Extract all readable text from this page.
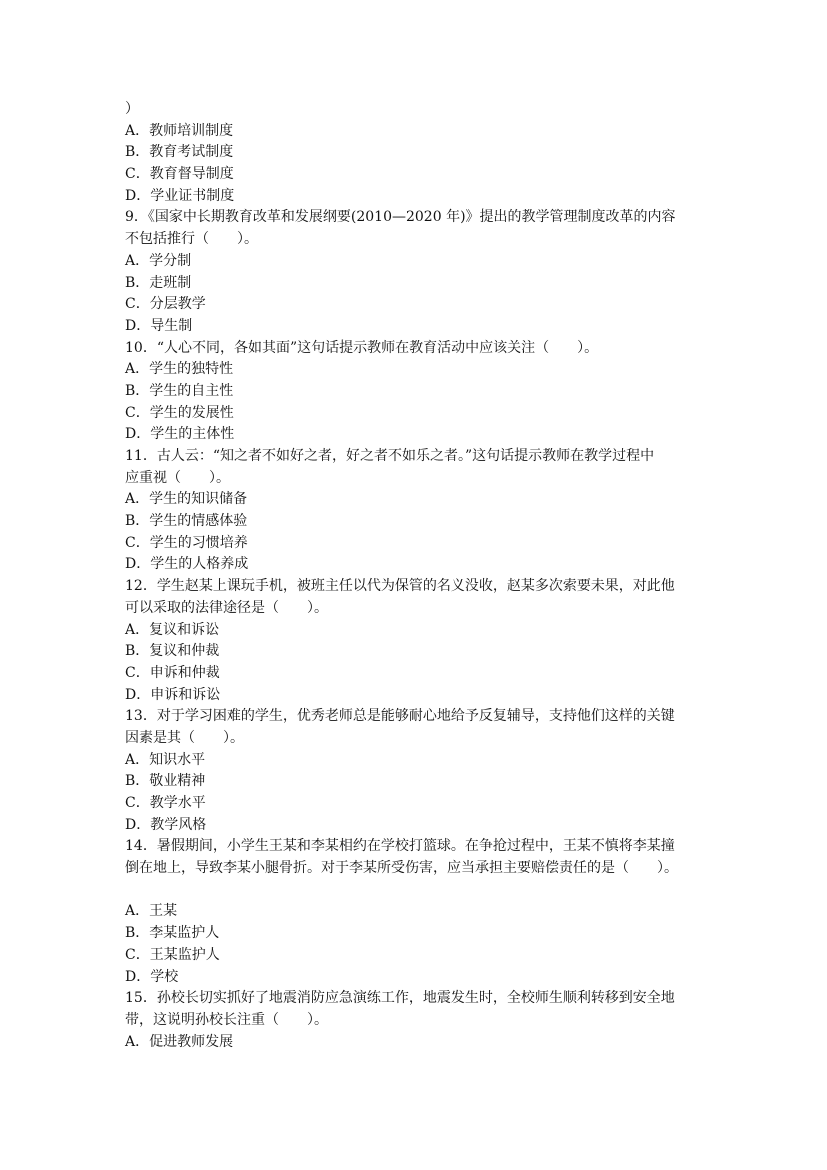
）
A．教师培训制度
B．教育考试制度
C．教育督导制度
D．学业证书制度
9．《国家中长期教育改革和发展纲要(2010—2020 年)》提出的教学管理制度改革的内容
不包括推行（　　）。
A．学分制
B．走班制
C．分层教学
D．导生制
10．“人心不同，各如其面”这句话提示教师在教育活动中应该关注（　　）。
A．学生的独特性
B．学生的自主性
C．学生的发展性
D．学生的主体性
11．古人云：“知之者不如好之者，好之者不如乐之者。”这句话提示教师在教学过程中
应重视（　　）。
A．学生的知识储备
B．学生的情感体验
C．学生的习惯培养
D．学生的人格养成
12．学生赵某上课玩手机，被班主任以代为保管的名义没收，赵某多次索要未果，对此他
可以采取的法律途径是（　　）。
A．复议和诉讼
B．复议和仲裁
C．申诉和仲裁
D．申诉和诉讼
13．对于学习困难的学生，优秀老师总是能够耐心地给予反复辅导，支持他们这样的关键
因素是其（　　）。
A．知识水平
B．敬业精神
C．教学水平
D．教学风格
14．暑假期间，小学生王某和李某相约在学校打篮球。在争抢过程中，王某不慎将李某撞
倒在地上，导致李某小腿骨折。对于李某所受伤害，应当承担主要赔偿责任的是（　　）。
A．王某
B．李某监护人
C．王某监护人
D．学校
15．孙校长切实抓好了地震消防应急演练工作，地震发生时，全校师生顺利转移到安全地
带，这说明孙校长注重（　　）。
A．促进教师发展
